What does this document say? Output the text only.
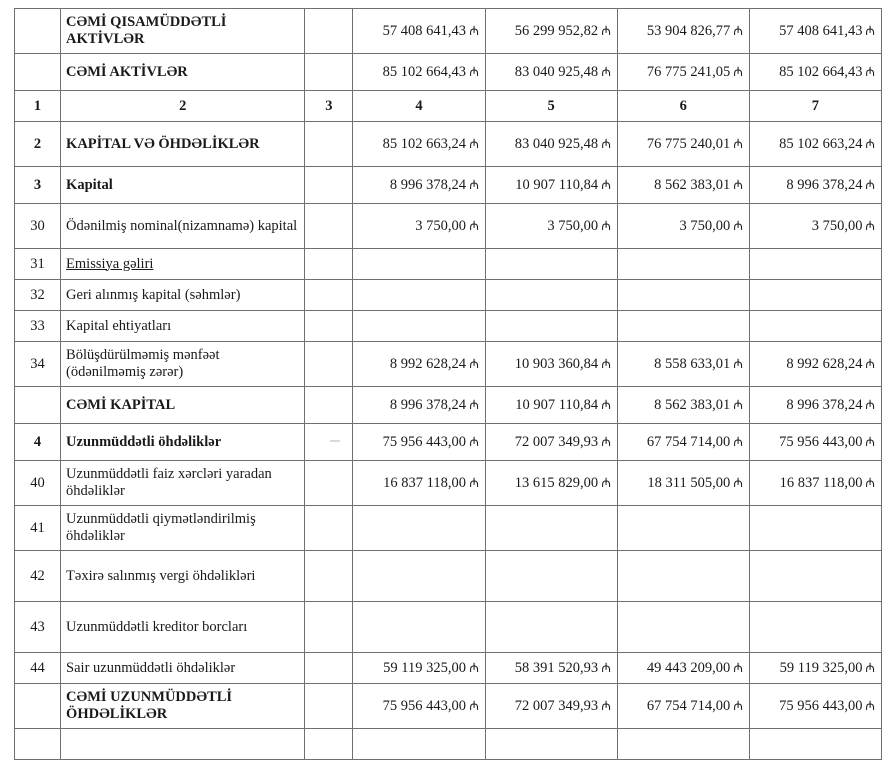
	CƏMİ QISAMÜDDƏTLİ AKTİVLƏR		57 408 641,43 ₼	56 299 952,82 ₼	53 904 826,77 ₼	57 408 641,43 ₼
	CƏMİ AKTİVLƏR		85 102 664,43 ₼	83 040 925,48 ₼	76 775 241,05 ₼	85 102 664,43 ₼
1	2	3	4	5	6	7
2	KAPİTAL VƏ ÖHDƏLİKLƏR		85 102 663,24 ₼	83 040 925,48 ₼	76 775 240,01 ₼	85 102 663,24 ₼
3	Kapital		8 996 378,24 ₼	10 907 110,84 ₼	8 562 383,01 ₼	8 996 378,24 ₼
30	Ödənilmiş nominal(nizamnamə) kapital		3 750,00 ₼	3 750,00 ₼	3 750,00 ₼	3 750,00 ₼
31	Emissiya gəliri					
32	Geri alınmış kapital (səhmlər)					
33	Kapital ehtiyatları					
34	Bölüşdürülməmiş mənfəət (ödənilməmiş zərər)		8 992 628,24 ₼	10 903 360,84 ₼	8 558 633,01 ₼	8 992 628,24 ₼
	CƏMİ KAPİTAL		8 996 378,24 ₼	10 907 110,84 ₼	8 562 383,01 ₼	8 996 378,24 ₼
4	Uzunmüddətli öhdəliklər		75 956 443,00 ₼	72 007 349,93 ₼	67 754 714,00 ₼	75 956 443,00 ₼
40	Uzunmüddətli faiz xərcləri yaradan öhdəliklər		16 837 118,00 ₼	13 615 829,00 ₼	18 311 505,00 ₼	16 837 118,00 ₼
41	Uzunmüddətli qiymətləndirilmiş öhdəliklər					
42	Təxirə salınmış vergi öhdəlikləri					
43	Uzunmüddətli kreditor borcları					
44	Sair uzunmüddətli öhdəliklər		59 119 325,00 ₼	58 391 520,93 ₼	49 443 209,00 ₼	59 119 325,00 ₼
	CƏMİ UZUNMÜDDƏTLİ ÖHDƏLİKLƏR		75 956 443,00 ₼	72 007 349,93 ₼	67 754 714,00 ₼	75 956 443,00 ₼
